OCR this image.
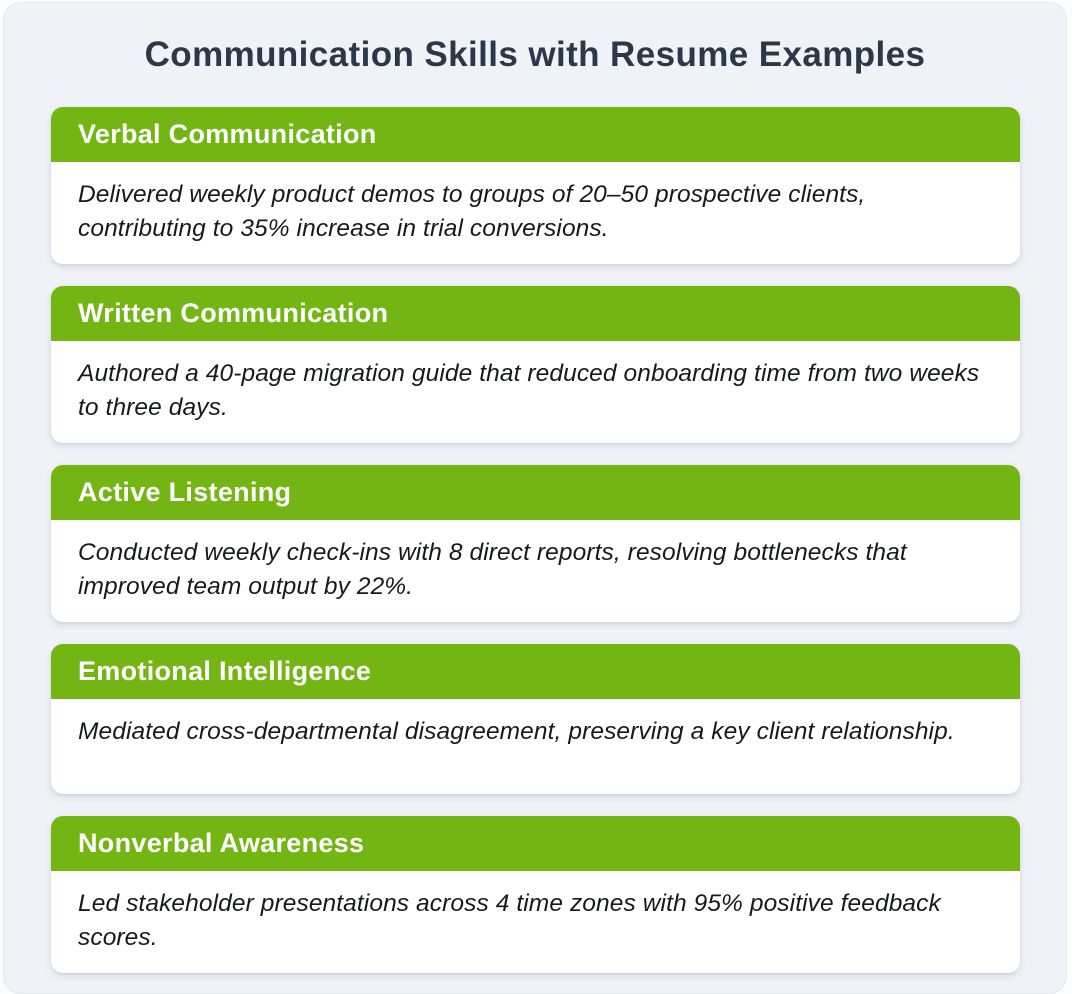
Communication Skills with Resume Examples
Verbal Communication

Delivered weekly product demos to groups of 20–50 prospective clients, contributing to 35% increase in trial conversions.

Written Communication

Authored a 40-page migration guide that reduced onboarding time from two weeks to three days.

Active Listening

Conducted weekly check-ins with 8 direct reports, resolving bottlenecks that improved team output by 22%.

Emotional Intelligence

Mediated cross-departmental disagreement, preserving a key client relationship.

Nonverbal Awareness

Led stakeholder presentations across 4 time zones with 95% positive feedback scores.
